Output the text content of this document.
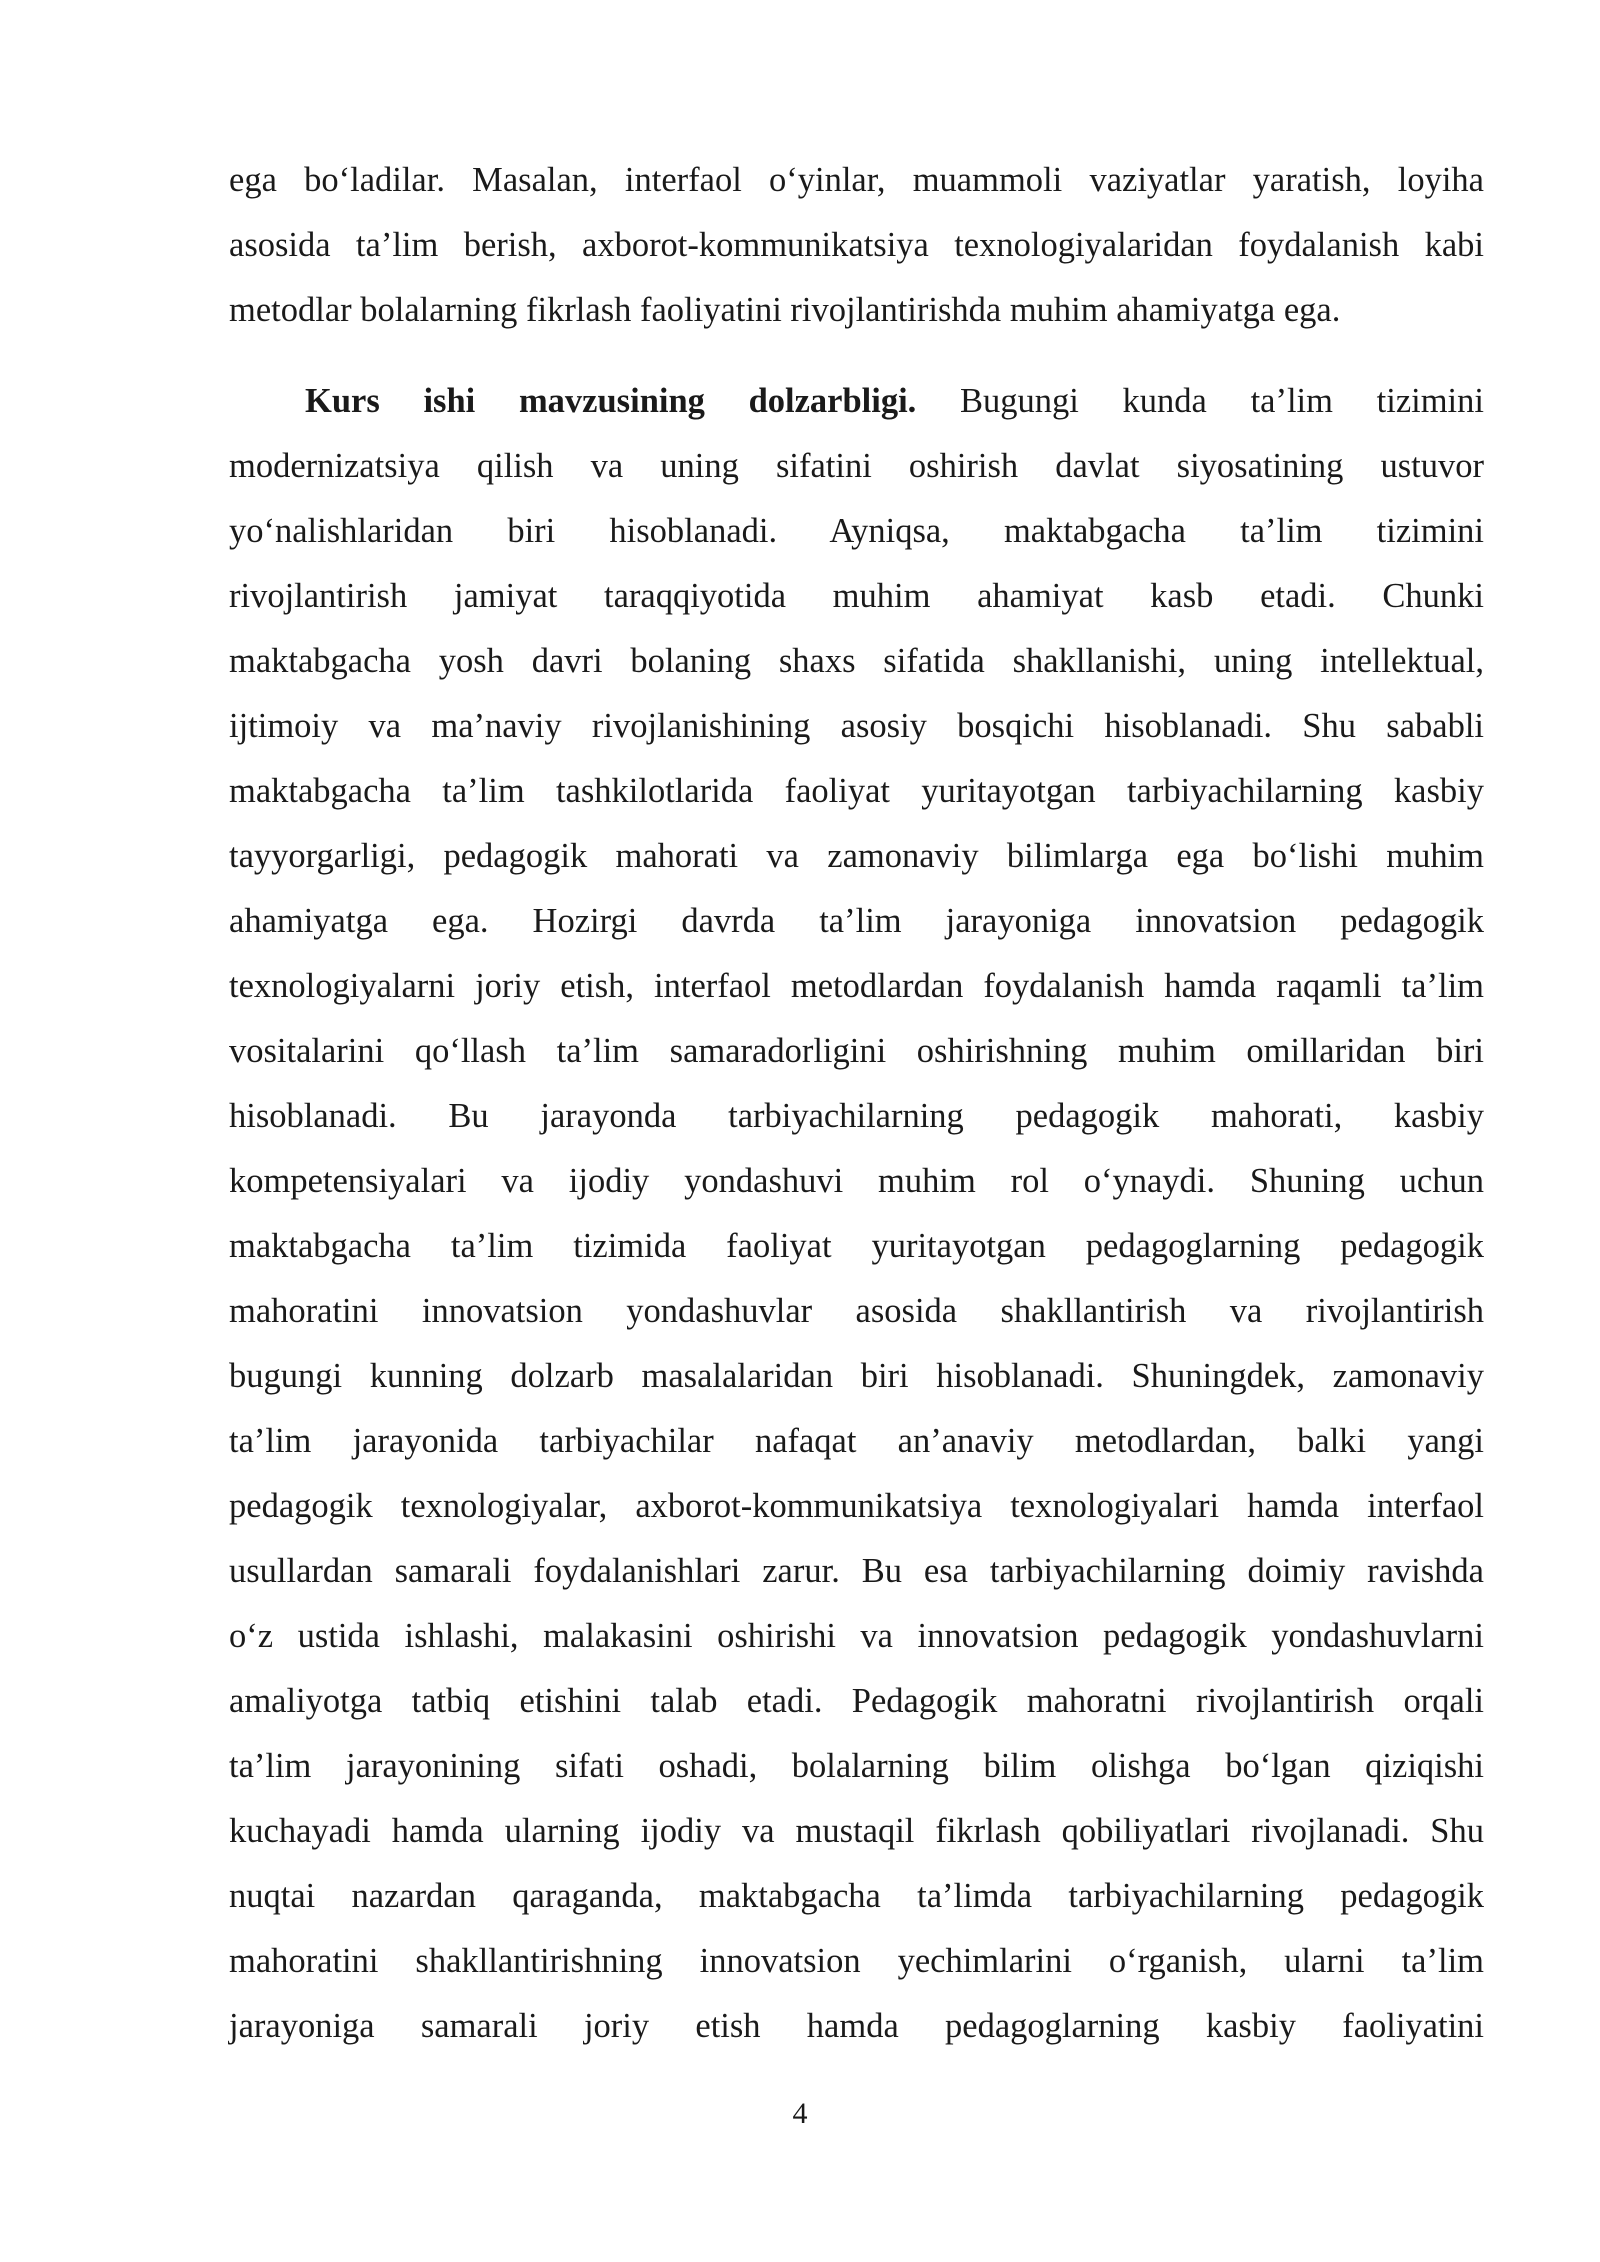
ega bo‘ladilar. Masalan, interfaol o‘yinlar, muammoli vaziyatlar yaratish, loyiha
asosida ta’lim berish, axborot-kommunikatsiya texnologiyalaridan foydalanish kabi
metodlar bolalarning fikrlash faoliyatini rivojlantirishda muhim ahamiyatga ega.
Kurs ishi mavzusining dolzarbligi. Bugungi kunda ta’lim tizimini
modernizatsiya qilish va uning sifatini oshirish davlat siyosatining ustuvor
yo‘nalishlaridan biri hisoblanadi. Ayniqsa, maktabgacha ta’lim tizimini
rivojlantirish jamiyat taraqqiyotida muhim ahamiyat kasb etadi. Chunki
maktabgacha yosh davri bolaning shaxs sifatida shakllanishi, uning intellektual,
ijtimoiy va ma’naviy rivojlanishining asosiy bosqichi hisoblanadi. Shu sababli
maktabgacha ta’lim tashkilotlarida faoliyat yuritayotgan tarbiyachilarning kasbiy
tayyorgarligi, pedagogik mahorati va zamonaviy bilimlarga ega bo‘lishi muhim
ahamiyatga ega. Hozirgi davrda ta’lim jarayoniga innovatsion pedagogik
texnologiyalarni joriy etish, interfaol metodlardan foydalanish hamda raqamli ta’lim
vositalarini qo‘llash ta’lim samaradorligini oshirishning muhim omillaridan biri
hisoblanadi. Bu jarayonda tarbiyachilarning pedagogik mahorati, kasbiy
kompetensiyalari va ijodiy yondashuvi muhim rol o‘ynaydi. Shuning uchun
maktabgacha ta’lim tizimida faoliyat yuritayotgan pedagoglarning pedagogik
mahoratini innovatsion yondashuvlar asosida shakllantirish va rivojlantirish
bugungi kunning dolzarb masalalaridan biri hisoblanadi. Shuningdek, zamonaviy
ta’lim jarayonida tarbiyachilar nafaqat an’anaviy metodlardan, balki yangi
pedagogik texnologiyalar, axborot-kommunikatsiya texnologiyalari hamda interfaol
usullardan samarali foydalanishlari zarur. Bu esa tarbiyachilarning doimiy ravishda
o‘z ustida ishlashi, malakasini oshirishi va innovatsion pedagogik yondashuvlarni
amaliyotga tatbiq etishini talab etadi. Pedagogik mahoratni rivojlantirish orqali
ta’lim jarayonining sifati oshadi, bolalarning bilim olishga bo‘lgan qiziqishi
kuchayadi hamda ularning ijodiy va mustaqil fikrlash qobiliyatlari rivojlanadi. Shu
nuqtai nazardan qaraganda, maktabgacha ta’limda tarbiyachilarning pedagogik
mahoratini shakllantirishning innovatsion yechimlarini o‘rganish, ularni ta’lim
jarayoniga samarali joriy etish hamda pedagoglarning kasbiy faoliyatini
4
